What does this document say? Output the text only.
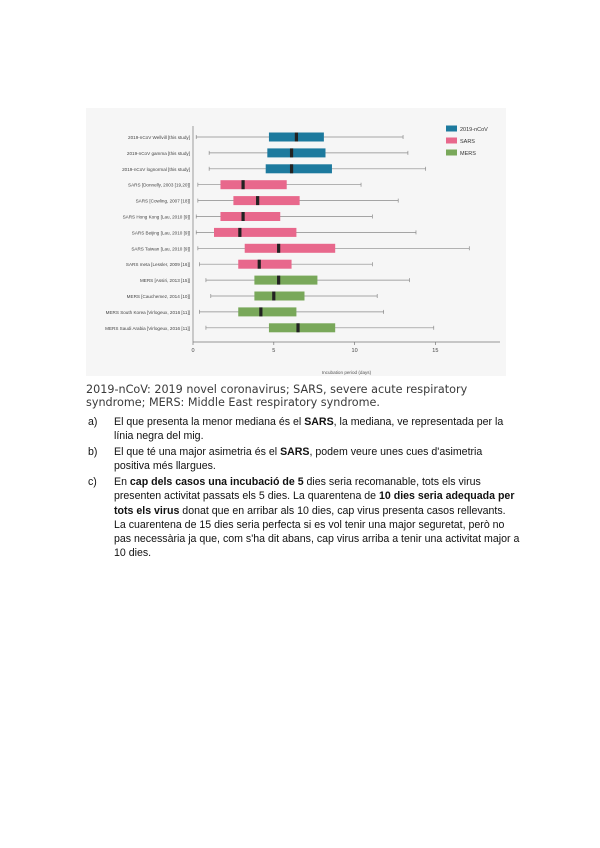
2019-nCoV Wellvill [this study]
2019-nCoV gamma [this study]
2019-nCoV lognormal [this study]
SARS [Donnelly, 2003 [19,20]]
SARS [Cowling, 2007 [18]]
SARS Hong Kong [Lau, 2010 [9]]
SARS Beijing [Lau, 2010 [9]]
SARS Taiwan [Lau, 2010 [9]]
SARS meta [Lessler, 2009 [16]]
MERS [Assiri, 2013 [15]]
MERS [Cauchemez, 2014 [10]]
MERS South Korea [Virlogeux, 2016 [11]]
MERS Saudi Arabia [Virlogeux, 2016 [11]]
0	5	10	15
Incubation period (days)
2019-nCoV
SARS
MERS

2019-nCoV: 2019 novel coronavirus; SARS, severe acute respiratory syndrome; MERS: Middle East respiratory syndrome.

a) El que presenta la menor mediana és el SARS, la mediana, ve representada per la línia negra del mig.
b) El que té una major asimetria és el SARS, podem veure unes cues d'asimetria positiva més llargues.
c) En cap dels casos una incubació de 5 dies seria recomanable, tots els virus presenten activitat passats els 5 dies. La quarentena de 10 dies seria adequada per tots els virus donat que en arribar als 10 dies, cap virus presenta casos rellevants. La cuarentena de 15 dies seria perfecta si es vol tenir una major seguretat, però no pas necessària ja que, com s'ha dit abans, cap virus arriba a tenir una activitat major a 10 dies.
